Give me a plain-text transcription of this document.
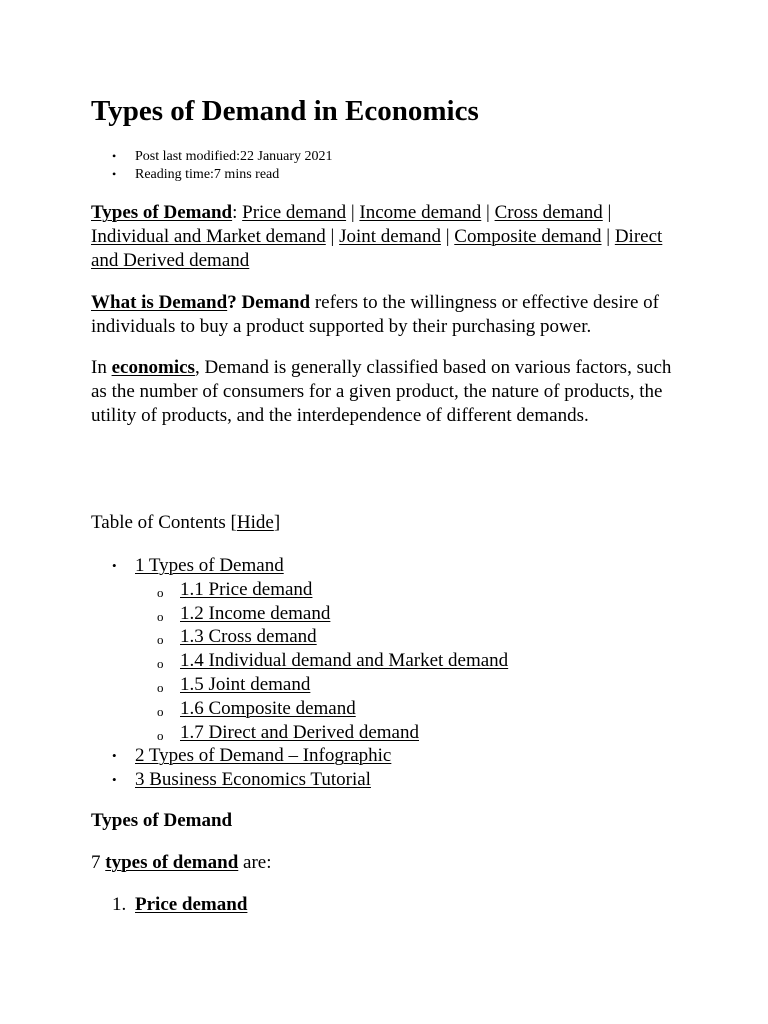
Types of Demand in Economics
• Post last modified:22 January 2021
• Reading time:7 mins read

Types of Demand: Price demand | Income demand | Cross demand | Individual and Market demand | Joint demand | Composite demand | Direct and Derived demand

What is Demand? Demand refers to the willingness or effective desire of individuals to buy a product supported by their purchasing power.

In economics, Demand is generally classified based on various factors, such as the number of consumers for a given product, the nature of products, the utility of products, and the interdependence of different demands.

Table of Contents [Hide]

• 1 Types of Demand
o 1.1 Price demand
o 1.2 Income demand
o 1.3 Cross demand
o 1.4 Individual demand and Market demand
o 1.5 Joint demand
o 1.6 Composite demand
o 1.7 Direct and Derived demand
• 2 Types of Demand – Infographic
• 3 Business Economics Tutorial
Types of Demand

7 types of demand are:

1. Price demand
